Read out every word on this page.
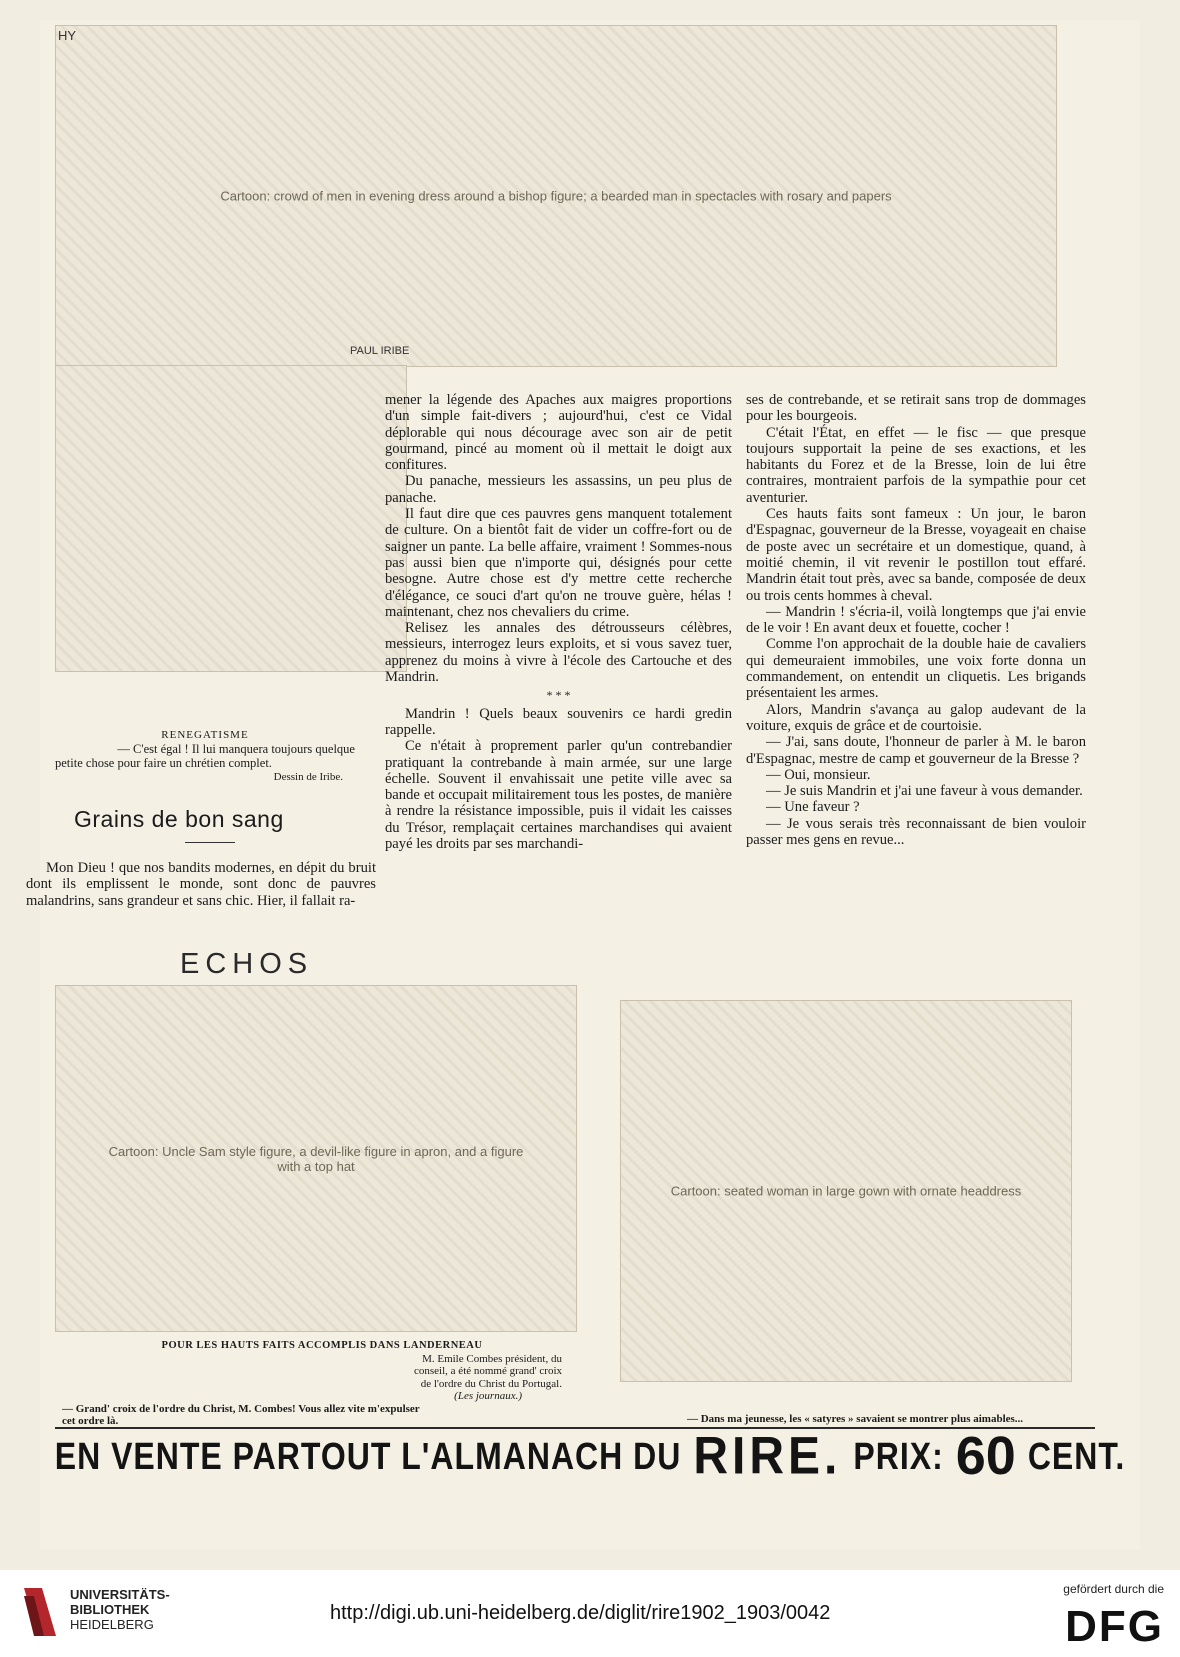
Cartoon: crowd of men in evening dress around a bishop figure; a bearded man in spectacles with rosary and papers
HY
PAUL IRIBE
RENEGATISME
— C'est égal ! Il lui manquera toujours quelque
petite chose pour faire un chrétien complet.
Dessin de Iribe.
Grains de bon sang

Mon Dieu ! que nos bandits modernes, en dépit du bruit dont ils emplissent le monde, sont donc de pauvres malandrins, sans grandeur et sans chic. Hier, il fallait ra-

mener la légende des Apaches aux maigres proportions d'un simple fait-divers ; aujourd'hui, c'est ce Vidal déplorable qui nous décourage avec son air de petit gourmand, pincé au moment où il mettait le doigt aux confitures.

Du panache, messieurs les assassins, un peu plus de panache.

Il faut dire que ces pauvres gens manquent totalement de culture. On a bientôt fait de vider un coffre-fort ou de saigner un pante. La belle affaire, vraiment ! Sommes-nous pas aussi bien que n'importe qui, désignés pour cette besogne. Autre chose est d'y mettre cette recherche d'élégance, ce souci d'art qu'on ne trouve guère, hélas ! maintenant, chez nos chevaliers du crime.

Relisez les annales des détrousseurs célèbres, messieurs, interrogez leurs exploits, et si vous savez tuer, apprenez du moins à vivre à l'école des Cartouche et des Mandrin.

* * *

Mandrin ! Quels beaux souvenirs ce hardi gredin rappelle.

Ce n'était à proprement parler qu'un contrebandier pratiquant la contrebande à main armée, sur une large échelle. Souvent il envahissait une petite ville avec sa bande et occupait militairement tous les postes, de manière à rendre la résistance impossible, puis il vidait les caisses du Trésor, remplaçait certaines marchandises qui avaient payé les droits par ses marchandi-

ses de contrebande, et se retirait sans trop de dommages pour les bourgeois.

C'était l'État, en effet — le fisc — que presque toujours supportait la peine de ses exactions, et les habitants du Forez et de la Bresse, loin de lui être contraires, montraient parfois de la sympathie pour cet aventurier.

Ces hauts faits sont fameux : Un jour, le baron d'Espagnac, gouverneur de la Bresse, voyageait en chaise de poste avec un secrétaire et un domestique, quand, à moitié chemin, il vit revenir le postillon tout effaré. Mandrin était tout près, avec sa bande, composée de deux ou trois cents hommes à cheval.

— Mandrin ! s'écria-il, voilà longtemps que j'ai envie de le voir ! En avant deux et fouette, cocher !

Comme l'on approchait de la double haie de cavaliers qui demeuraient immobiles, une voix forte donna un commandement, on entendit un cliquetis. Les brigands présentaient les armes.

Alors, Mandrin s'avança au galop audevant de la voiture, exquis de grâce et de courtoisie.

— J'ai, sans doute, l'honneur de parler à M. le baron d'Espagnac, mestre de camp et gouverneur de la Bresse ?

— Oui, monsieur.

— Je suis Mandrin et j'ai une faveur à vous demander.

— Une faveur ?

— Je vous serais très reconnaissant de bien vouloir passer mes gens en revue...

ECHOS
Cartoon: Uncle Sam style figure, a devil-like figure in apron, and a figure with a top hat
Cartoon: seated woman in large gown with ornate headdress
POUR LES HAUTS FAITS ACCOMPLIS DANS LANDERNEAU
M. Emile Combes président, du
conseil, a été nommé grand' croix
de l'ordre du Christ du Portugal.
(Les journaux.)
— Grand' croix de l'ordre du Christ, M. Combes! Vous allez vite m'expulser
cet ordre là.	— Dans ma jeunesse, les « satyres » savaient se montrer plus aimables...
EN VENTE PARTOUT L'ALMANACH DU RIRE. PRIX: 60 CENT.
UNIVERSITÄTS-
BIBLIOTHEK
HEIDELBERG
http://digi.ub.uni-heidelberg.de/diglit/rire1902_1903/0042
gefördert durch die
DFG
